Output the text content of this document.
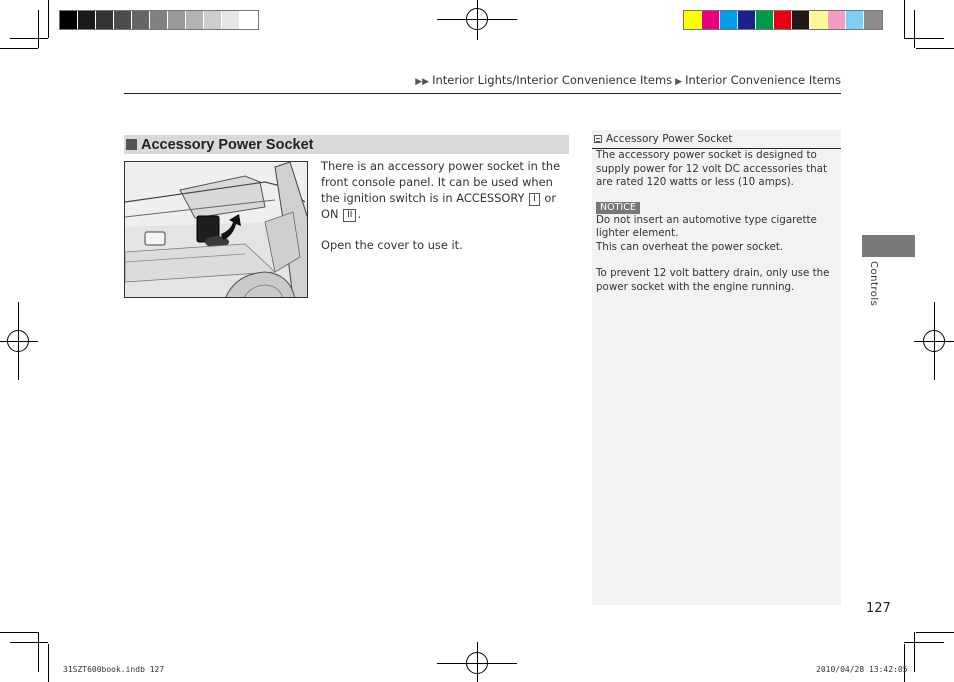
▶▶ Interior Lights/Interior Convenience Items ▶ Interior Convenience Items
Accessory Power Socket

There is an accessory power socket in the front console panel. It can be used when the ignition switch is in ACCESSORY I or ON II .

Open the cover to use it.

Accessory Power Socket

The accessory power socket is designed to supply power for 12 volt DC accessories that are rated 120 watts or less (10 amps).

NOTICE

Do not insert an automotive type cigarette lighter element.

This can overheat the power socket.

To prevent 12 volt battery drain, only use the power socket with the engine running.	Controls
127
31SZT600book.indb 127	2010/04/28 13:42:05
